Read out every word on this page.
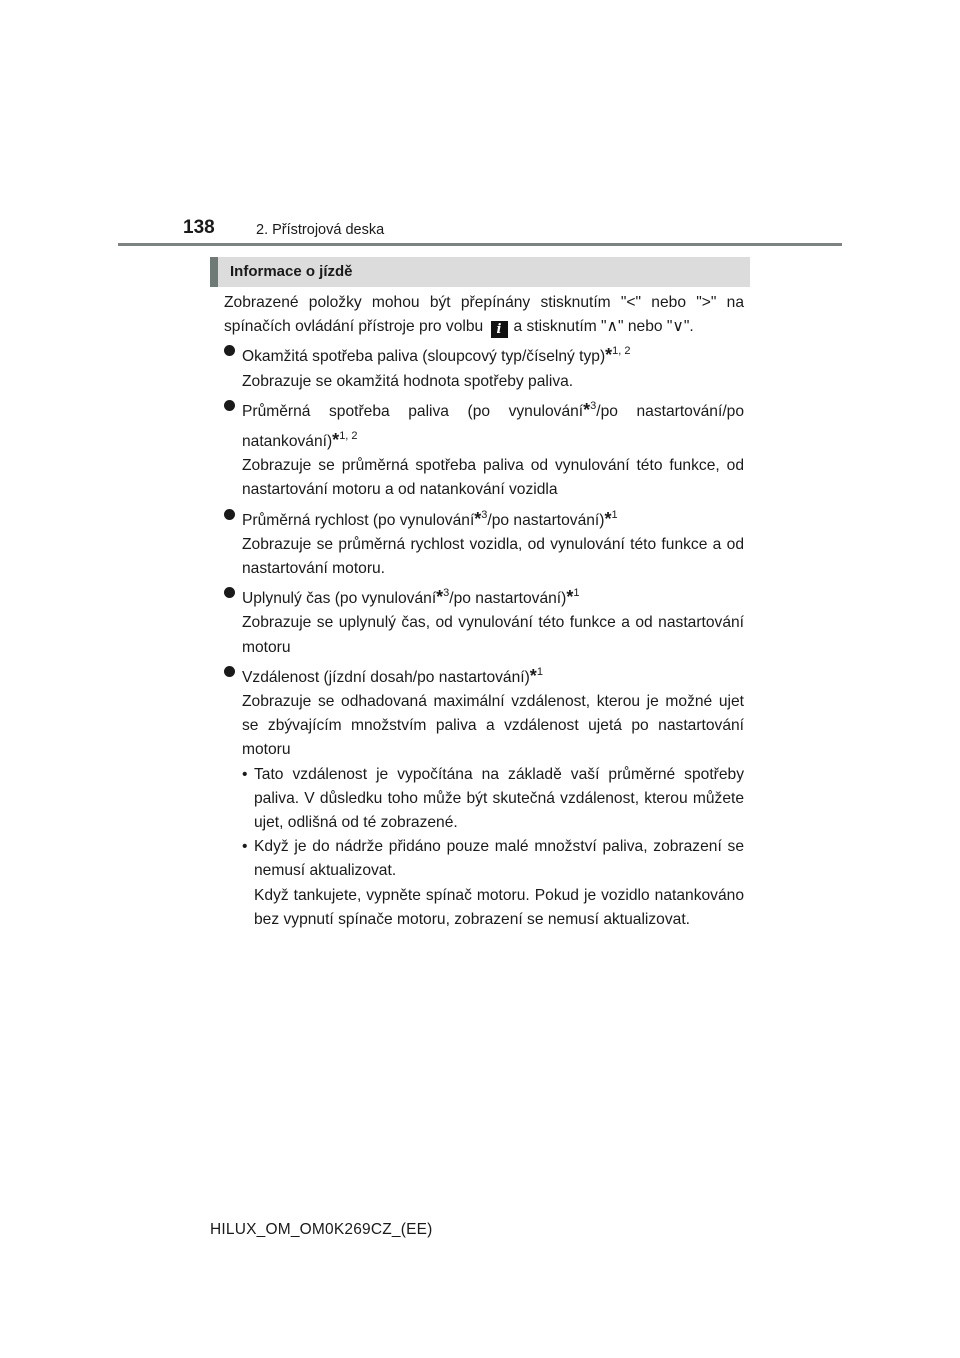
138	2. Přístrojová deska
Informace o jízdě

Zobrazené položky mohou být přepínány stisknutím "<" nebo ">" na spínačích ovládání přístroje pro volbu i a stisknutím "∧" nebo "∨".

Okamžitá spotřeba paliva (sloupcový typ/číselný typ)*$^{1, 2}$

Zobrazuje se okamžitá hodnota spotřeby paliva.

Průměrná spotřeba paliva (po vynulování*$^3$/po nastartování/po natankování)*$^{1, 2}$

Zobrazuje se průměrná spotřeba paliva od vynulování této funkce, od nastartování motoru a od natankování vozidla

Průměrná rychlost (po vynulování*$^3$/po nastartování)*$^1$

Zobrazuje se průměrná rychlost vozidla, od vynulování této funkce a od nastartování motoru.

Uplynulý čas (po vynulování*$^3$/po nastartování)*$^1$

Zobrazuje se uplynulý čas, od vynulování této funkce a od nastartování motoru

Vzdálenost (jízdní dosah/po nastartování)*$^1$

Zobrazuje se odhadovaná maximální vzdálenost, kterou je možné ujet se zbývajícím množstvím paliva a vzdálenost ujetá po nastartování motoru

• Tato vzdálenost je vypočítána na základě vaší průměrné spotřeby paliva. V důsledku toho může být skutečná vzdálenost, kterou můžete ujet, odlišná od té zobrazené.

• Když je do nádrže přidáno pouze malé množství paliva, zobrazení se nemusí aktualizovat.

Když tankujete, vypněte spínač motoru. Pokud je vozidlo natankováno bez vypnutí spínače motoru, zobrazení se nemusí aktualizovat.

HILUX_OM_OM0K269CZ_(EE)
